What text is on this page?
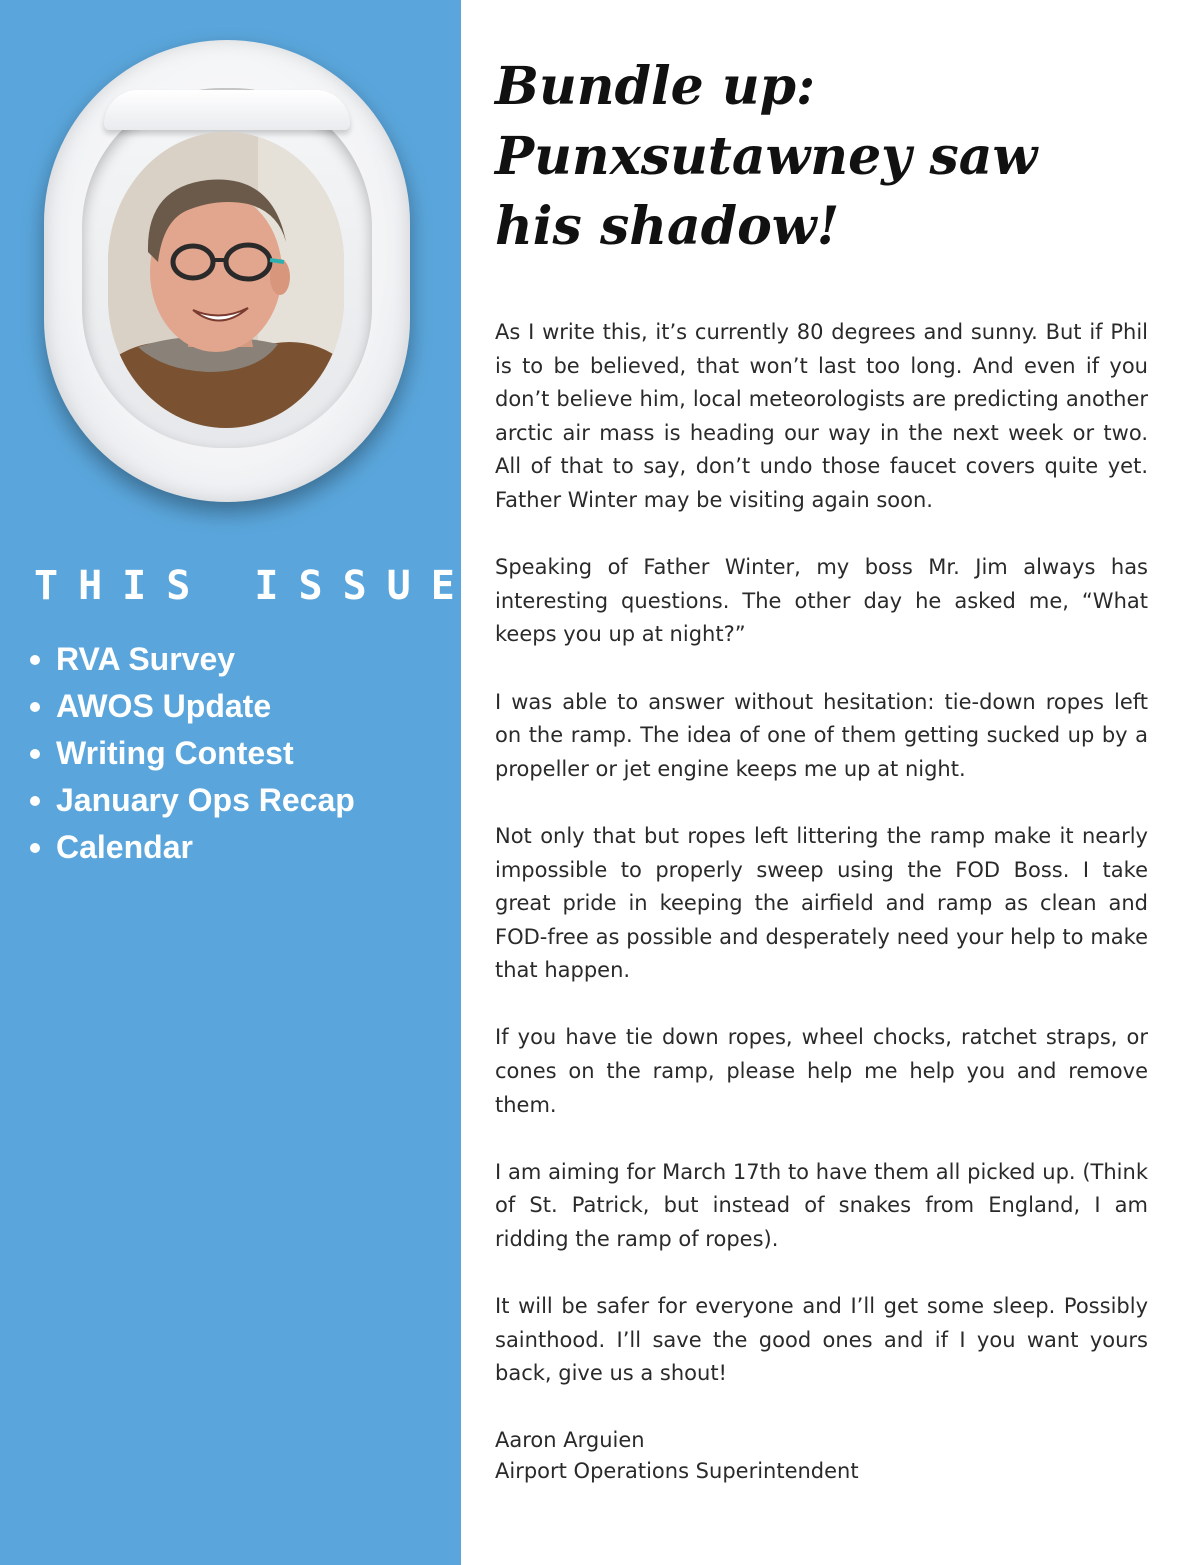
THIS ISSUE:
RVA Survey
AWOS Update
Writing Contest
January Ops Recap
Calendar
Bundle up:
Punxsutawney saw
his shadow!

As I write this, it’s currently 80 degrees and sunny. But if Phil is to be believed, that won’t last too long. And even if you don’t believe him, local meteorologists are predicting another arctic air mass is heading our way in the next week or two. All of that to say, don’t undo those faucet covers quite yet. Father Winter may be visiting again soon.

Speaking of Father Winter, my boss Mr. Jim always has interesting questions. The other day he asked me, “What keeps you up at night?”

I was able to answer without hesitation: tie-down ropes left on the ramp. The idea of one of them getting sucked up by a propeller or jet engine keeps me up at night.

Not only that but ropes left littering the ramp make it nearly impossible to properly sweep using the FOD Boss. I take great pride in keeping the airfield and ramp as clean and FOD-free as possible and desperately need your help to make that happen.

If you have tie down ropes, wheel chocks, ratchet straps, or cones on the ramp, please help me help you and remove them.

I am aiming for March 17th to have them all picked up. (Think of St. Patrick, but instead of snakes from England, I am ridding the ramp of ropes).

It will be safer for everyone and I’ll get some sleep. Possibly sainthood. I’ll save the good ones and if I you want yours back, give us a shout!

Aaron Arguien
Airport Operations Superintendent
